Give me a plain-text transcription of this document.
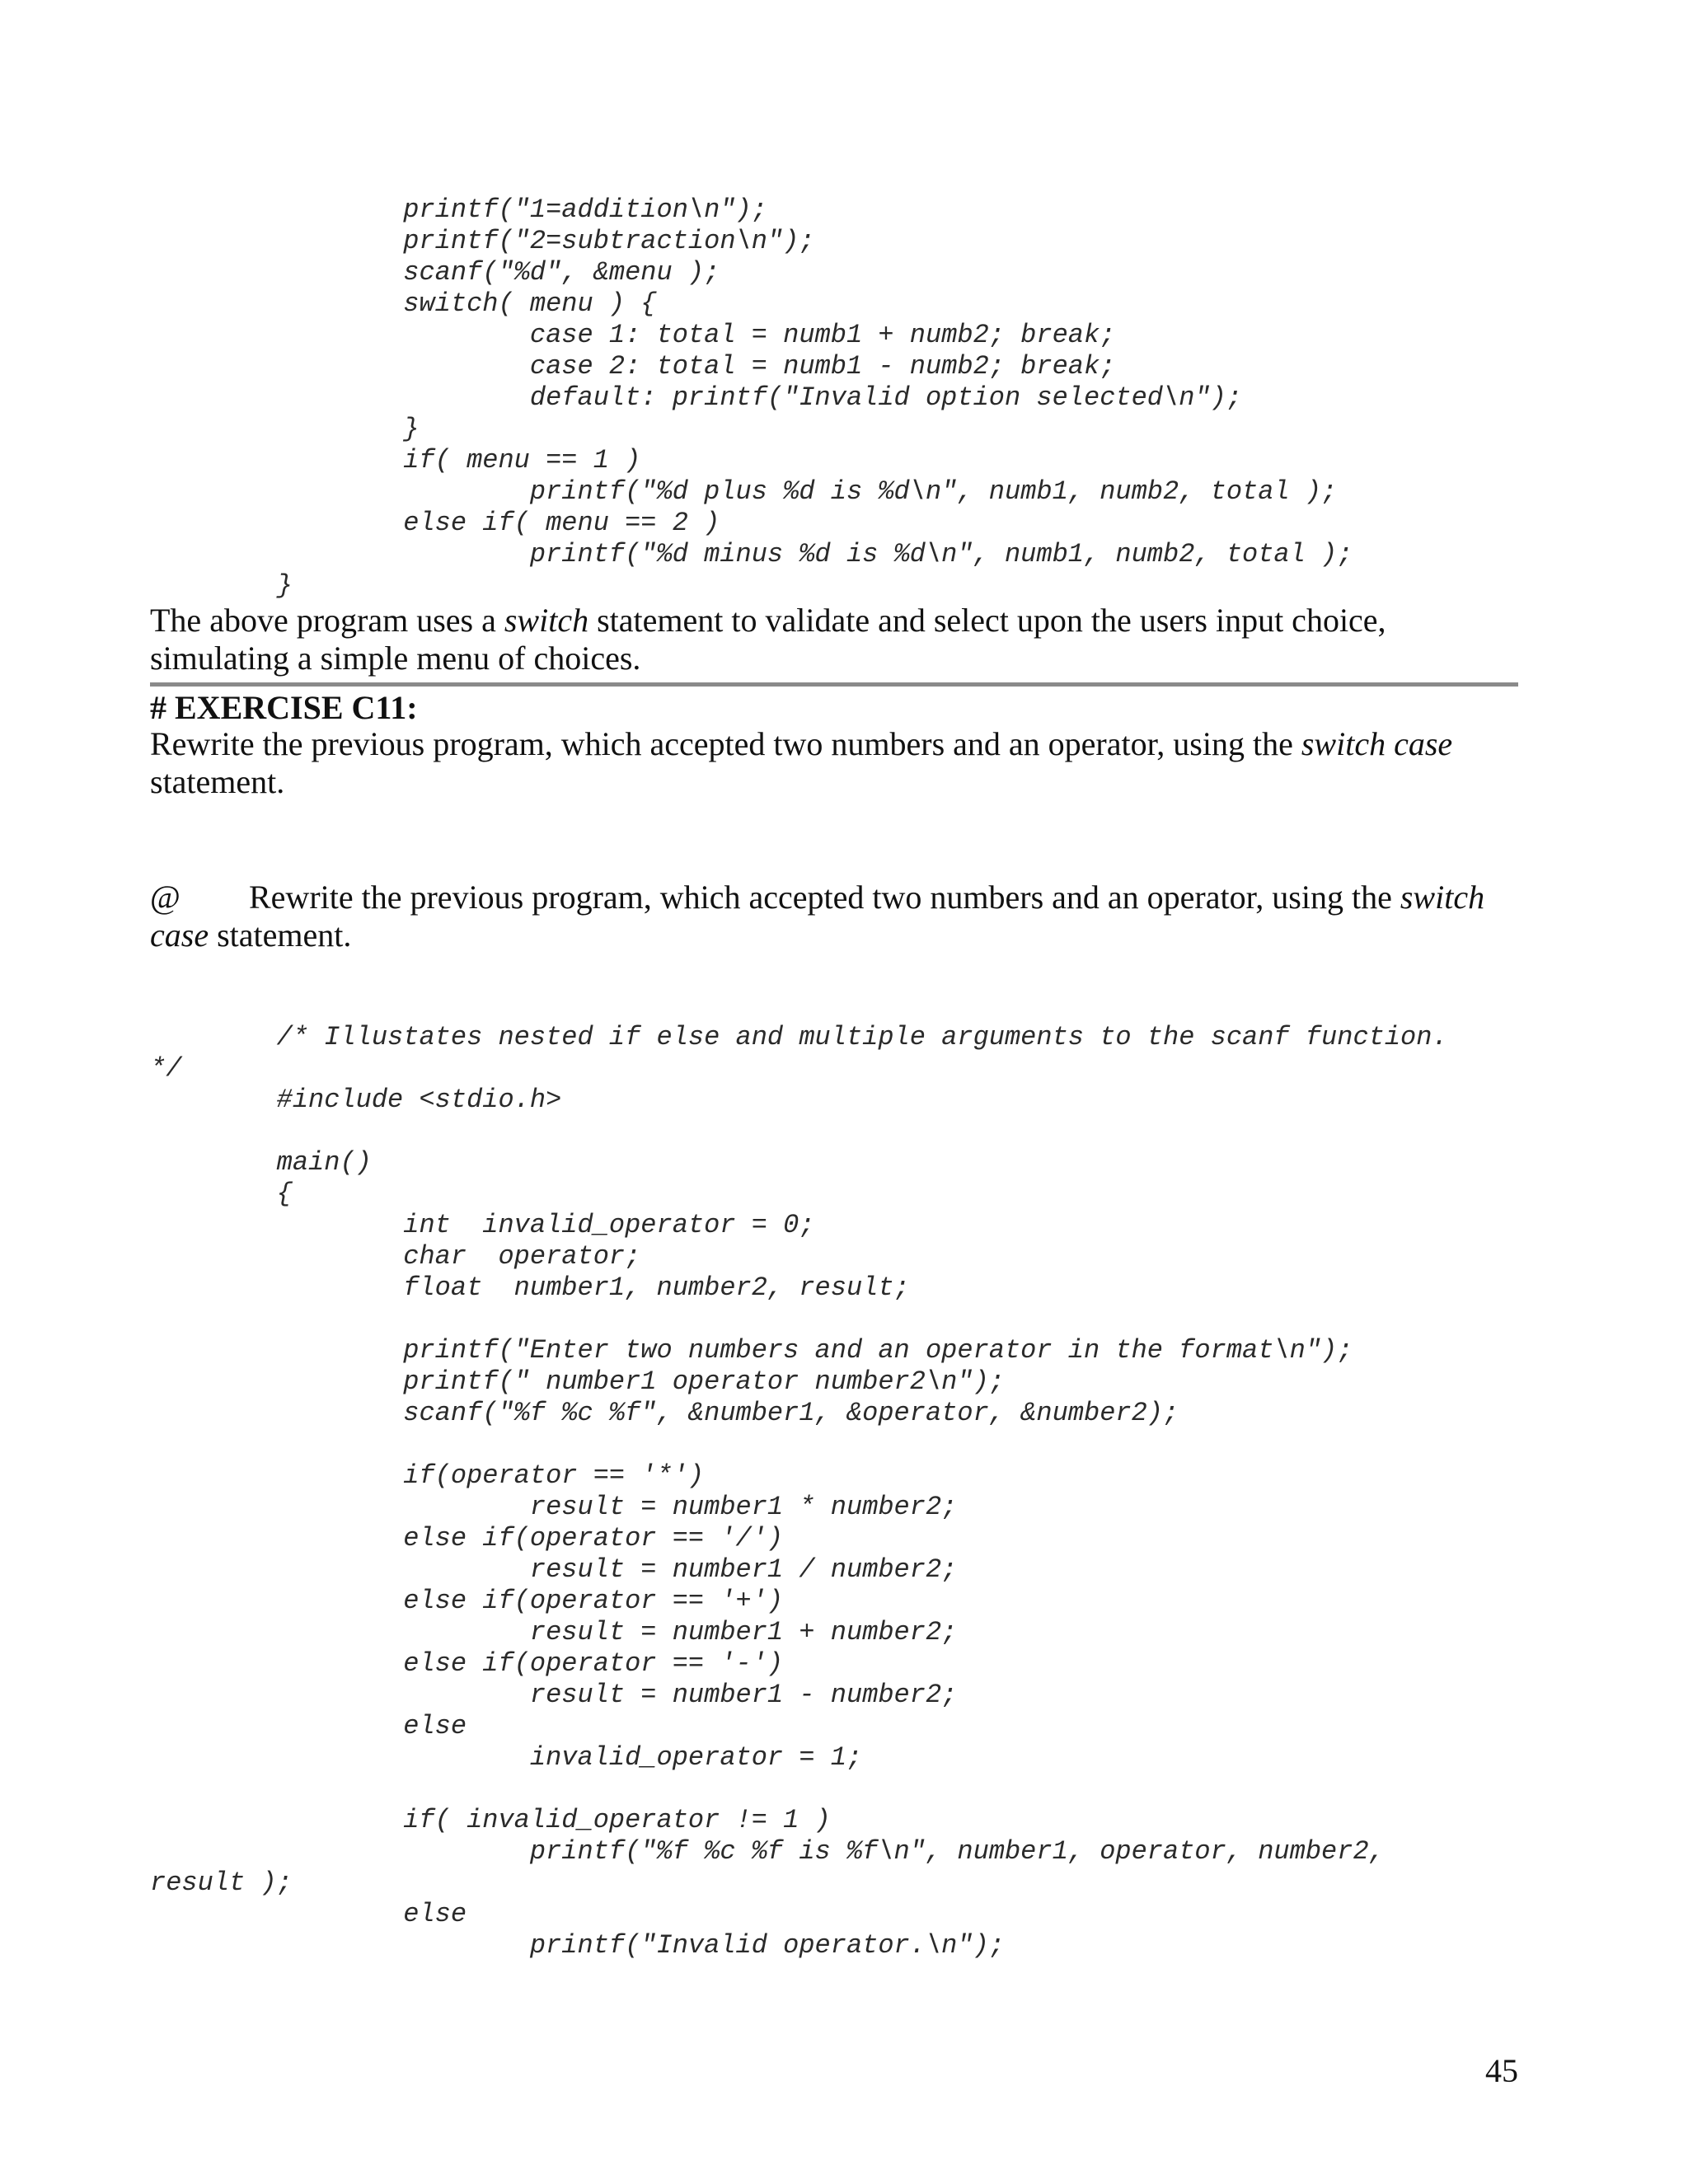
printf("1=addition\n");
printf("2=subtraction\n");
scanf("%d", &menu );
switch( menu ) {
case 1: total = numb1 + numb2; break;
case 2: total = numb1 - numb2; break;
default: printf("Invalid option selected\n");
}
if( menu == 1 )
printf("%d plus %d is %d\n", numb1, numb2, total );
else if( menu == 2 )
printf("%d minus %d is %d\n", numb1, numb2, total );
}

The above program uses a switch statement to validate and select upon the users input choice, simulating a simple menu of choices.

# EXERCISE C11:

Rewrite the previous program, which accepted two numbers and an operator, using the switch case statement.

@ Rewrite the previous program, which accepted two numbers and an operator, using the switch case statement.

/* Illustates nested if else and multiple arguments to the scanf function.
*/
#include <stdio.h>
main()
{
int  invalid_operator = 0;
char  operator;
float  number1, number2, result;
printf("Enter two numbers and an operator in the format\n");
printf(" number1 operator number2\n");
scanf("%f %c %f", &number1, &operator, &number2);
if(operator == '*')
result = number1 * number2;
else if(operator == '/')
result = number1 / number2;
else if(operator == '+')
result = number1 + number2;
else if(operator == '-')
result = number1 - number2;
else
invalid_operator = 1;
if( invalid_operator != 1 )
printf("%f %c %f is %f\n", number1, operator, number2,
result );
else
printf("Invalid operator.\n");
45
